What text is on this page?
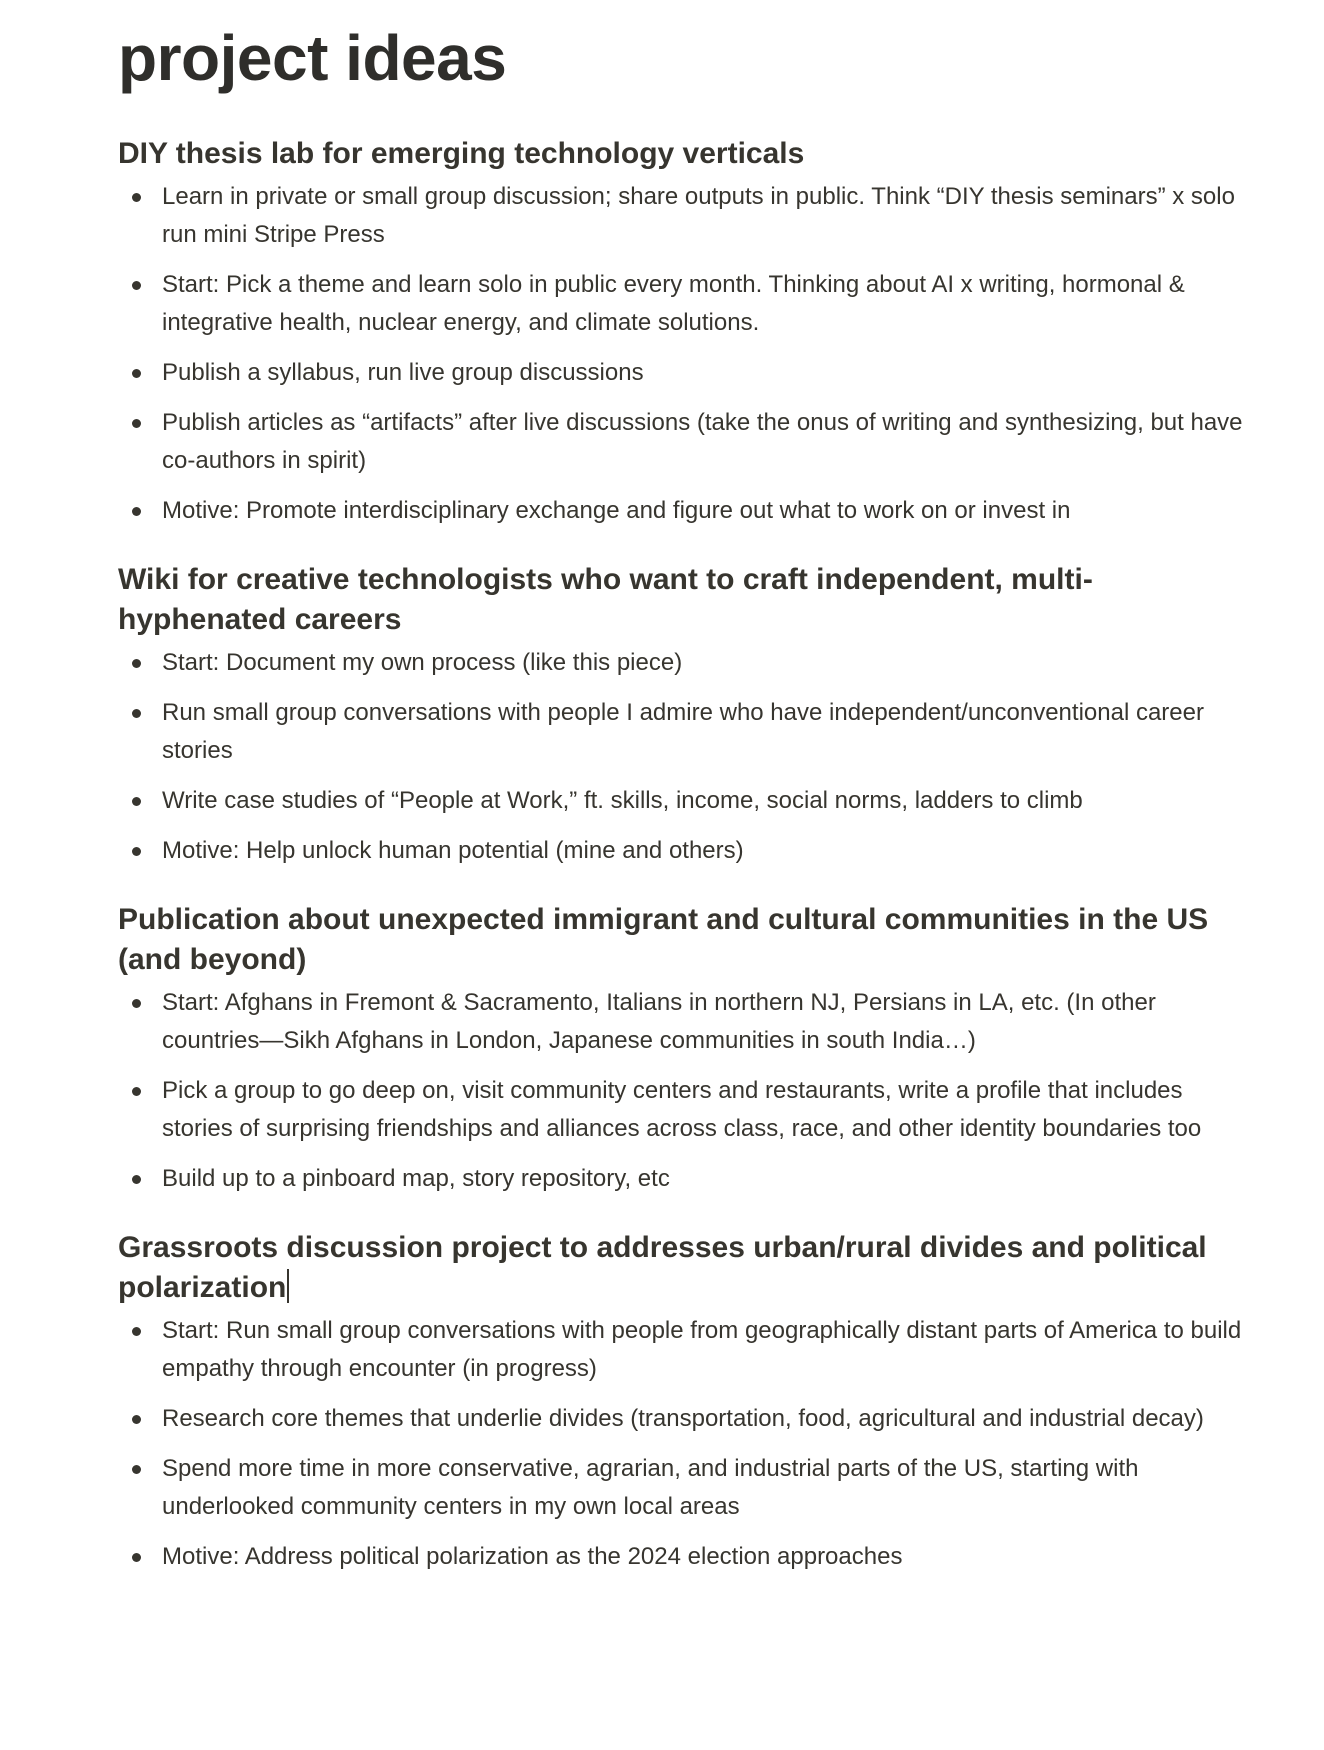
project ideas
DIY thesis lab for emerging technology verticals
Learn in private or small group discussion; share outputs in public. Think “DIY thesis seminars” x solo run mini Stripe Press
Start: Pick a theme and learn solo in public every month. Thinking about AI x writing, hormonal & integrative health, nuclear energy, and climate solutions.
Publish a syllabus, run live group discussions
Publish articles as “artifacts” after live discussions (take the onus of writing and synthesizing, but have co-authors in spirit)
Motive: Promote interdisciplinary exchange and figure out what to work on or invest in
Wiki for creative technologists who want to craft independent, multi-hyphenated careers
Start: Document my own process (like this piece)
Run small group conversations with people I admire who have independent/unconventional career stories
Write case studies of “People at Work,” ft. skills, income, social norms, ladders to climb
Motive: Help unlock human potential (mine and others)
Publication about unexpected immigrant and cultural communities in the US (and beyond)
Start: Afghans in Fremont & Sacramento, Italians in northern NJ, Persians in LA, etc. (In other countries—Sikh Afghans in London, Japanese communities in south India…)
Pick a group to go deep on, visit community centers and restaurants, write a profile that includes stories of surprising friendships and alliances across class, race, and other identity boundaries too
Build up to a pinboard map, story repository, etc
Grassroots discussion project to addresses urban/rural divides and political polarization
Start: Run small group conversations with people from geographically distant parts of America to build empathy through encounter (in progress)
Research core themes that underlie divides (transportation, food, agricultural and industrial decay)
Spend more time in more conservative, agrarian, and industrial parts of the US, starting with underlooked community centers in my own local areas
Motive: Address political polarization as the 2024 election approaches
